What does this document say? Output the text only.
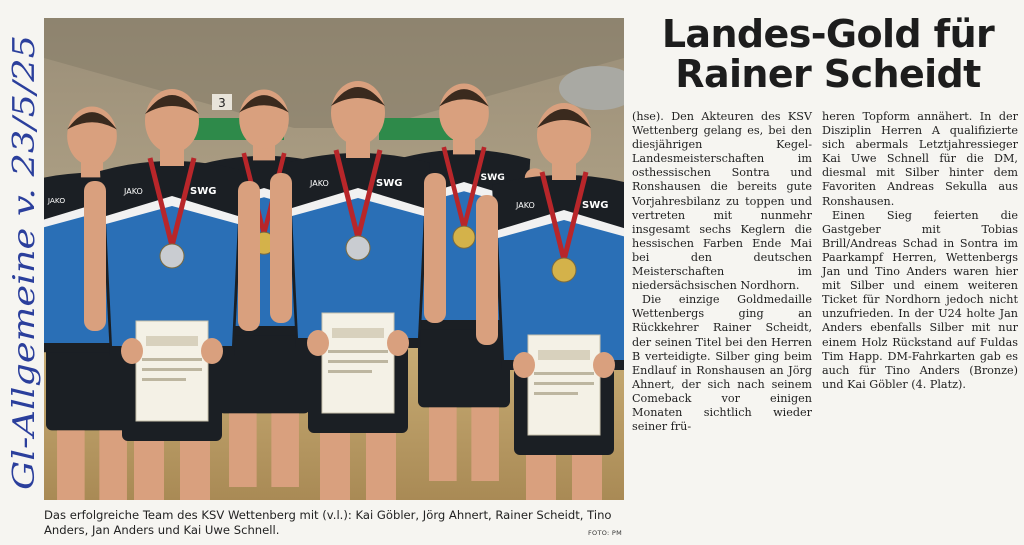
Gl-Allgemeine v. 23/5/25
3
JAKO
SWG
JAKO	SWG
JAKO	SWG
JAKO	SWG
Das erfolgreiche Team des KSV Wettenberg mit (v.l.): Kai Göbler, Jörg Ahnert, Rainer Scheidt, Tino Anders, Jan Anders und Kai Uwe Schnell.	FOTO: PM
Landes-Gold für Rainer Scheidt

(hse). Den Akteuren des KSV Wettenberg gelang es, bei den diesjährigen Kegel-Landesmeisterschaften im osthessischen Sontra und Ronshausen die bereits gute Vorjahresbilanz zu toppen und vertreten mit nunmehr insgesamt sechs Keglern die hessischen Farben Ende Mai bei den deutschen Meisterschaften im niedersächsischen Nordhorn.

Die einzige Goldmedaille Wettenbergs ging an Rückkehrer Rainer Scheidt, der seinen Titel bei den Herren B verteidigte. Silber ging beim Endlauf in Ronshausen an Jörg Ahnert, der sich nach seinem Comeback vor einigen Monaten sichtlich wieder seiner frü-

heren Topform annähert. In der Disziplin Herren A qualifizierte sich abermals Letztjahressieger Kai Uwe Schnell für die DM, diesmal mit Silber hinter dem Favoriten Andreas Sekulla aus Ronshausen.

Einen Sieg feierten die Gastgeber mit Tobias Brill/Andreas Schad in Sontra im Paarkampf Herren, Wettenbergs Jan und Tino Anders waren hier mit Silber und einem weiteren Ticket für Nordhorn jedoch nicht unzufrieden. In der U24 holte Jan Anders ebenfalls Silber mit nur einem Holz Rückstand auf Fuldas Tim Happ. DM-Fahrkarten gab es auch für Tino Anders (Bronze) und Kai Göbler (4. Platz).
